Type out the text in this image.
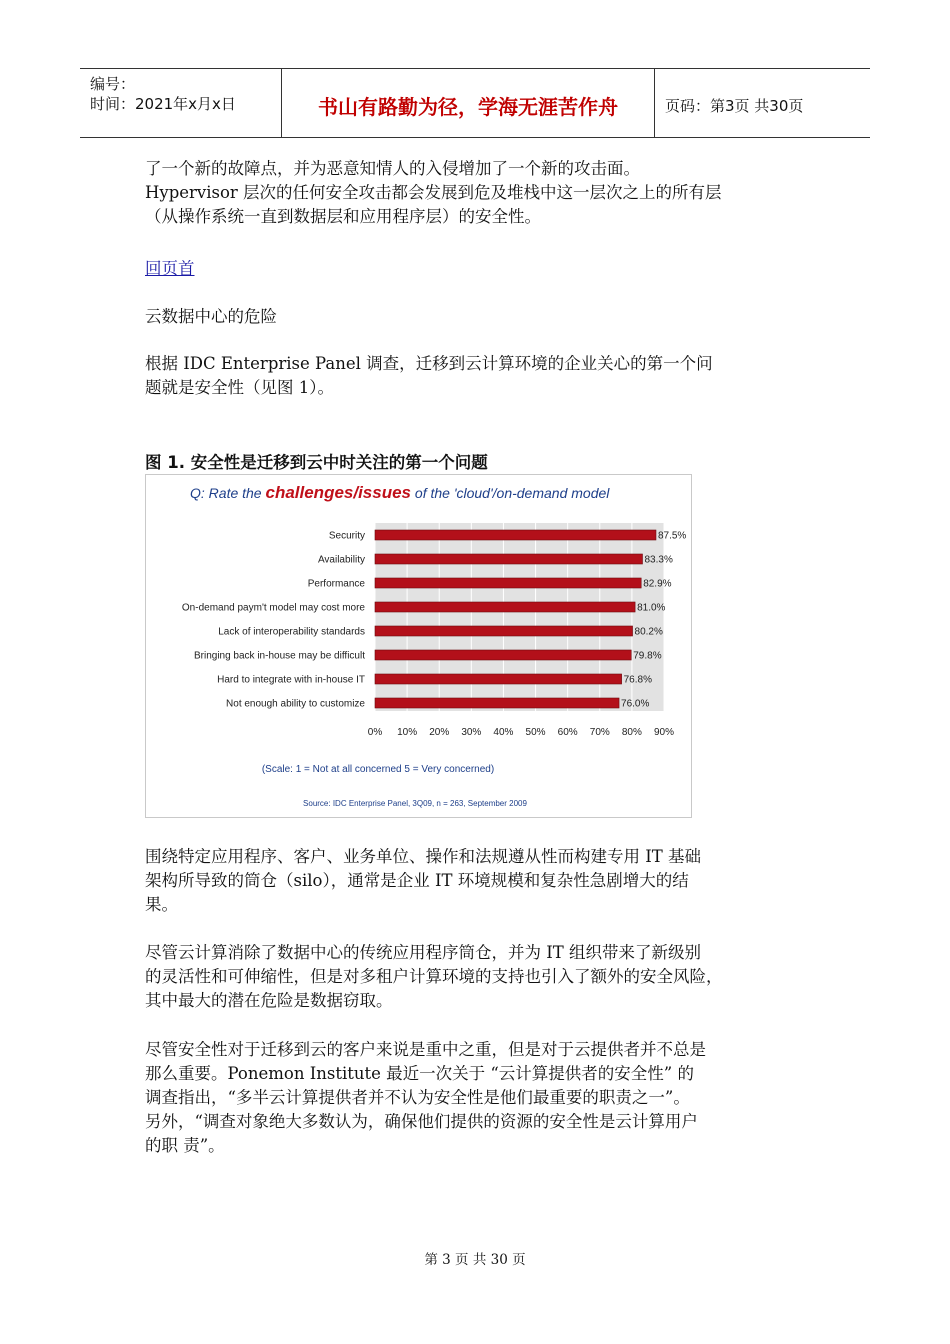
编号：
时间：2021年x月x日	书山有路勤为径，学海无涯苦作舟	页码：第3页 共30页
了一个新的故障点，并为恶意知情人的入侵增加了一个新的攻击面。
Hypervisor 层次的任何安全攻击都会发展到危及堆栈中这一层次之上的所有层
（从操作系统一直到数据层和应用程序层）的安全性。
回页首
云数据中心的危险
根据 IDC Enterprise Panel 调查，迁移到云计算环境的企业关心的第一个问
题就是安全性（见图 1）。
图 1. 安全性是迁移到云中时关注的第一个问题
Q: Rate the challenges/issues of the 'cloud'/on-demand model
Security
Availability
Performance
On-demand paym't model may cost more
Lack of interoperability standards
Bringing back in-house may be difficult
Hard to integrate with in-house IT
Not enough ability to customize
87.5%
83.3%
82.9%
81.0%
80.2%
79.8%
76.8%
76.0%
0% 10% 20% 30% 40% 50% 60% 70% 80% 90%
(Scale: 1 = Not at all concerned 5 = Very concerned)
Source: IDC Enterprise Panel, 3Q09, n = 263, September 2009
围绕特定应用程序、客户、业务单位、操作和法规遵从性而构建专用 IT 基础
架构所导致的筒仓（silo），通常是企业 IT 环境规模和复杂性急剧增大的结
果。
尽管云计算消除了数据中心的传统应用程序筒仓，并为 IT 组织带来了新级别
的灵活性和可伸缩性，但是对多租户计算环境的支持也引入了额外的安全风险，
其中最大的潜在危险是数据窃取。
尽管安全性对于迁移到云的客户来说是重中之重，但是对于云提供者并不总是
那么重要。Ponemon Institute 最近一次关于 “云计算提供者的安全性” 的
调查指出，“多半云计算提供者并不认为安全性是他们最重要的职责之一”。
另外，“调查对象绝大多数认为，确保他们提供的资源的安全性是云计算用户
的职 责”。
第 3 页 共 30 页
